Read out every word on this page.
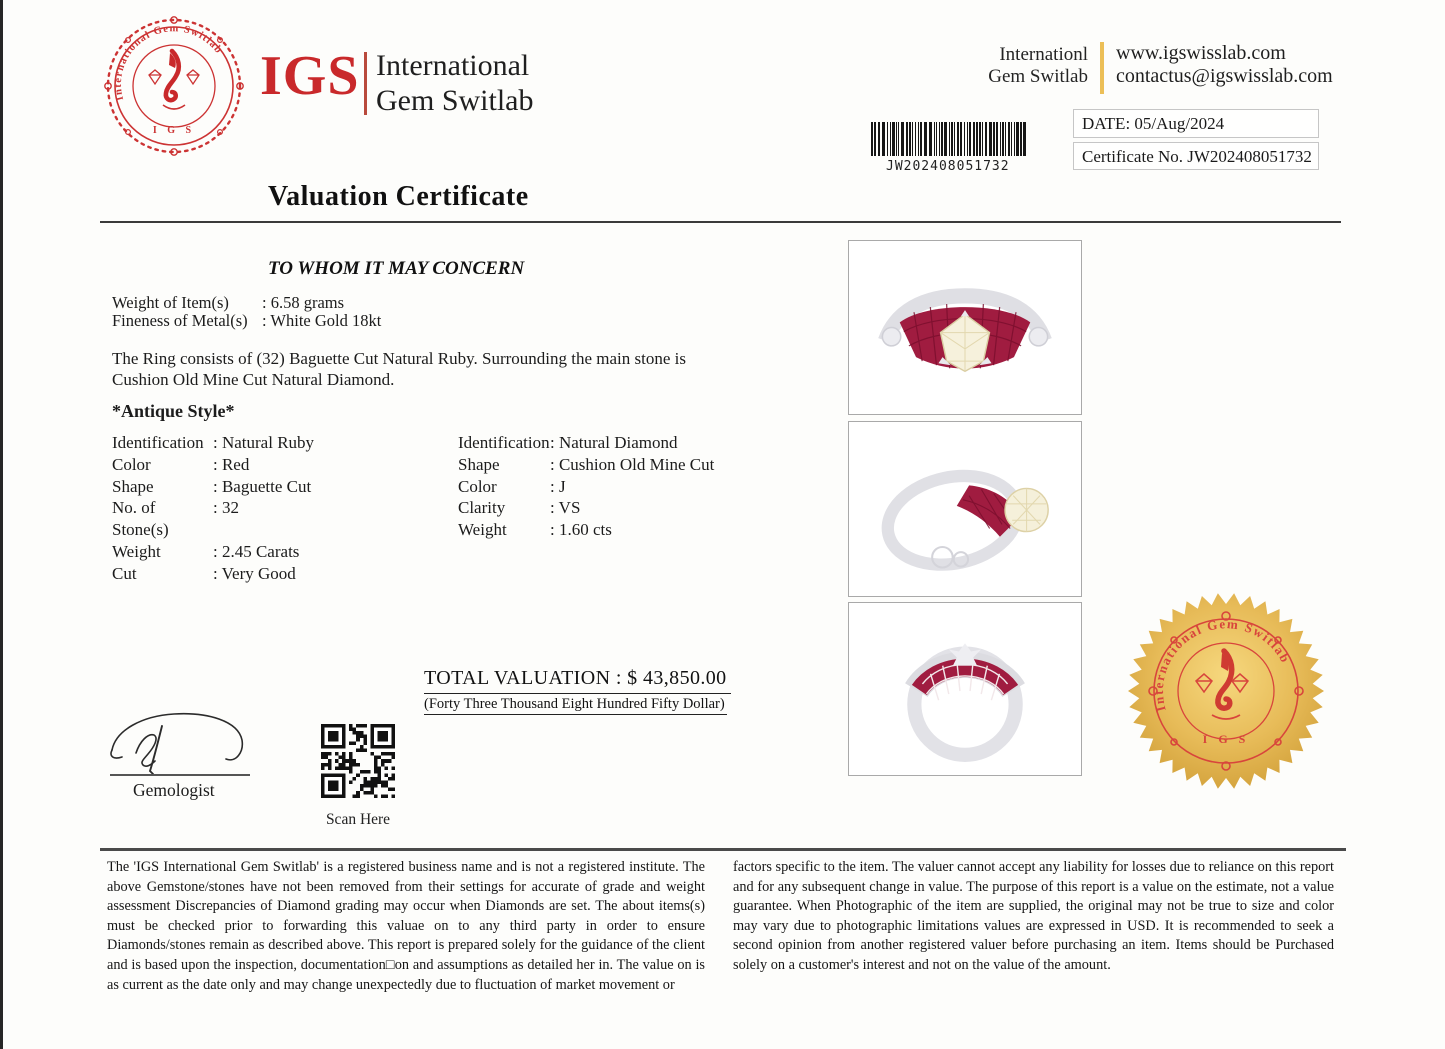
International Gem Switlab
I G S
IGS International
Gem Switlab
Internationl
Gem Switlab
www.igswisslab.com
contactus@igswisslab.com
JW202408051732
DATE: 05/Aug/2024
Certificate No. JW202408051732
Valuation Certificate
TO WHOM IT MAY CONCERN
Weight of Item(s)	: 6.58 grams
Fineness of Metal(s) : White Gold 18kt
The Ring consists of (32) Baguette Cut Natural Ruby. Surrounding the main stone is
Cushion Old Mine Cut Natural Diamond.
*Antique Style*
Identification : Natural Ruby
Color	: Red
Shape	: Baguette Cut
No. of Stone(s)
: 32
Weight	: 2.45 Carats
Cut	: Very Good
Identification : Natural Diamond
Shape	: Cushion Old Mine Cut
Color	: J
Clarity	: VS
Weight	: 1.60 cts
TOTAL VALUATION : $ 43,850.00
(Forty Three Thousand Eight Hundred Fifty Dollar)
Gemologist
Scan Here
International Gem Switlab
I G S
The 'IGS International Gem Switlab' is a registered business name and is not a registered institute. The above Gemstone/stones have not been removed from their settings for accurate of grade and weight assessment Discrepancies of Diamond grading may occur when Diamonds are set. The about items(s) must be checked prior to forwarding this valuae on to any third party in order to ensure Diamonds/stones remain as described above. This report is prepared solely for the guidance of the client and is based upon the inspection, documentation□on and assumptions as detailed her in. The value on is as current as the date only and may change unexpectedly due to fluctuation of market movement or
factors specific to the item. The valuer cannot accept any liability for losses due to reliance on this report and for any subsequent change in value. The purpose of this report is a value on the estimate, not a value guarantee. When Photographic of the item are supplied, the original may not be true to size and color may vary due to photographic limitations values are expressed in USD. It is recommended to seek a second opinion from another registered valuer before purchasing an item. Items should be Purchased solely on a customer's interest and not on the value of the amount.
